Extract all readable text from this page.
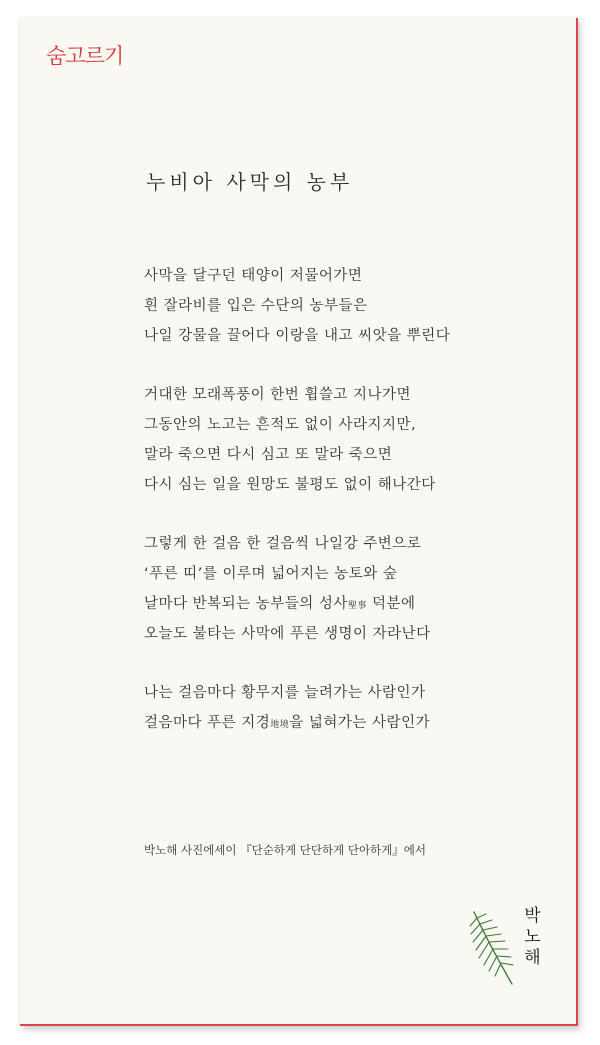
숨고르기
누비아 사막의 농부
사막을 달구던 태양이 저물어가면
흰 잘라비를 입은 수단의 농부들은
나일 강물을 끌어다 이랑을 내고 씨앗을 뿌린다
거대한 모래폭풍이 한번 휩쓸고 지나가면
그동안의 노고는 흔적도 없이 사라지지만,
말라 죽으면 다시 심고 또 말라 죽으면
다시 심는 일을 원망도 불평도 없이 해나간다
그렇게 한 걸음 한 걸음씩 나일강 주변으로
‘푸른 띠’를 이루며 넓어지는 농토와 숲
날마다 반복되는 농부들의 성사聖事 덕분에
오늘도 불타는 사막에 푸른 생명이 자라난다
나는 걸음마다 황무지를 늘려가는 사람인가
걸음마다 푸른 지경地境을 넓혀가는 사람인가
박노해 사진에세이 『단순하게 단단하게 단아하게』에서
박노해
